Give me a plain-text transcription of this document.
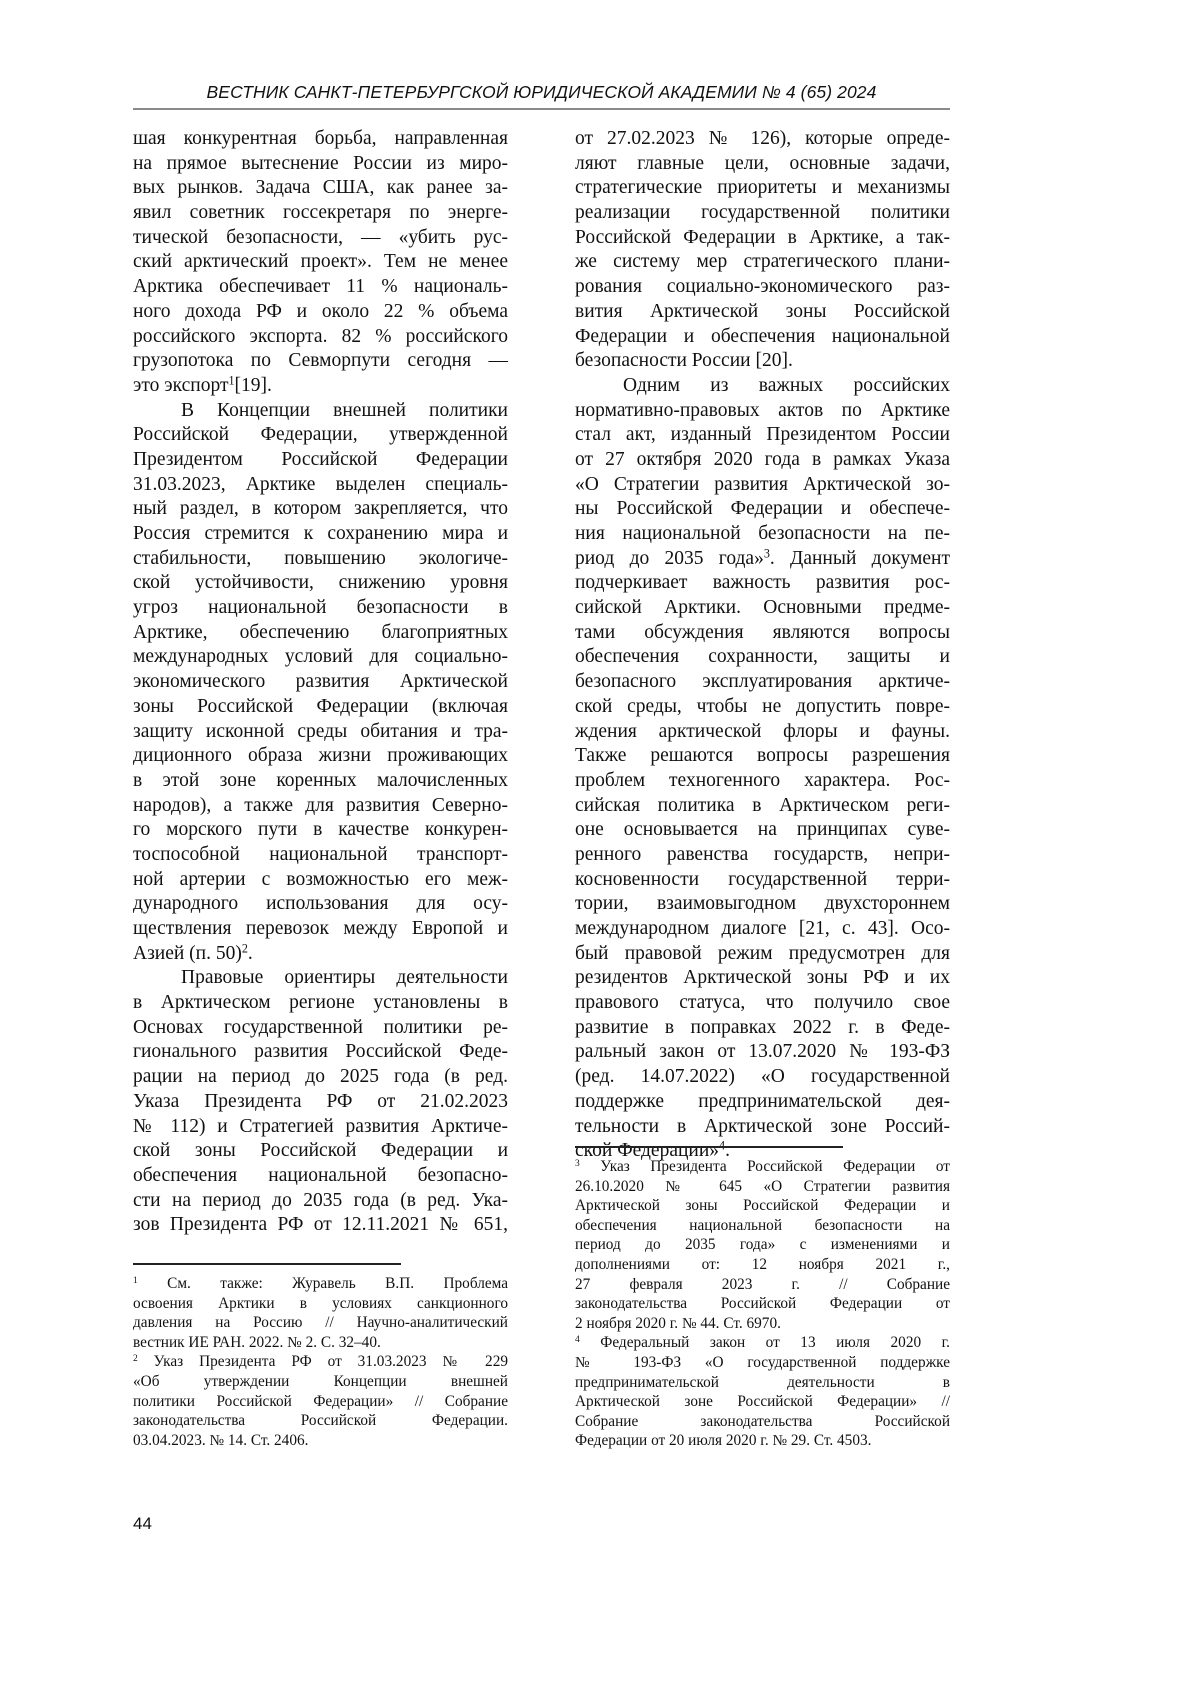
ВЕСТНИК САНКТ-ПЕТЕРБУРГСКОЙ ЮРИДИЧЕСКОЙ АКАДЕМИИ № 4 (65) 2024
шая конкурентная борьба, направленная
на прямое вытеснение России из миро-
вых рынков. Задача США, как ранее за-
явил советник госсекретаря по энерге-
тической безопасности, — «убить рус-
ский арктический проект». Тем не менее
Арктика обеспечивает 11 % националь-
ного дохода РФ и около 22 % объема
российского экспорта. 82 % российского
грузопотока по Севморпути сегодня —
это экспорт1[19].
В Концепции внешней политики
Российской Федерации, утвержденной
Президентом Российской Федерации
31.03.2023, Арктике выделен специаль-
ный раздел, в котором закрепляется, что
Россия стремится к сохранению мира и
стабильности, повышению экологиче-
ской устойчивости, снижению уровня
угроз национальной безопасности в
Арктике, обеспечению благоприятных
международных условий для социально-
экономического развития Арктической
зоны Российской Федерации (включая
защиту исконной среды обитания и тра-
диционного образа жизни проживающих
в этой зоне коренных малочисленных
народов), а также для развития Северно-
го морского пути в качестве конкурен-
тоспособной национальной транспорт-
ной артерии с возможностью его меж-
дународного использования для осу-
ществления перевозок между Европой и
Азией (п. 50)2.
Правовые ориентиры деятельности
в Арктическом регионе установлены в
Основах государственной политики ре-
гионального развития Российской Феде-
рации на период до 2025 года (в ред.
Указа Президента РФ от 21.02.2023
№ 112) и Стратегией развития Арктиче-
ской зоны Российской Федерации и
обеспечения национальной безопасно-
сти на период до 2035 года (в ред. Ука-
зов Президента РФ от 12.11.2021 № 651,
от 27.02.2023 № 126), которые опреде-
ляют главные цели, основные задачи,
стратегические приоритеты и механизмы
реализации государственной политики
Российской Федерации в Арктике, а так-
же систему мер стратегического плани-
рования социально-экономического раз-
вития Арктической зоны Российской
Федерации и обеспечения национальной
безопасности России [20].
Одним из важных российских
нормативно-правовых актов по Арктике
стал акт, изданный Президентом России
от 27 октября 2020 года в рамках Указа
«О Стратегии развития Арктической зо-
ны Российской Федерации и обеспече-
ния национальной безопасности на пе-
риод до 2035 года»3. Данный документ
подчеркивает важность развития рос-
сийской Арктики. Основными предме-
тами обсуждения являются вопросы
обеспечения сохранности, защиты и
безопасного эксплуатирования арктиче-
ской среды, чтобы не допустить повре-
ждения арктической флоры и фауны.
Также решаются вопросы разрешения
проблем техногенного характера. Рос-
сийская политика в Арктическом реги-
оне основывается на принципах суве-
ренного равенства государств, непри-
косновенности государственной терри-
тории, взаимовыгодном двухстороннем
международном диалоге [21, с. 43]. Осо-
бый правовой режим предусмотрен для
резидентов Арктической зоны РФ и их
правового статуса, что получило свое
развитие в поправках 2022 г. в Феде-
ральный закон от 13.07.2020 № 193-ФЗ
(ред. 14.07.2022) «О государственной
поддержке предпринимательской дея-
тельности в Арктической зоне Россий-
ской Федерации» .
1 См. также: Журавель В.П. Проблема
освоения Арктики в условиях санкционного
давления на Россию // Научно-аналитический
вестник ИЕ РАН. 2022. № 2. С. 32–40.
2 Указ Президента РФ от 31.03.2023 № 229
«Об утверждении Концепции внешней
политики Российской Федерации» // Собрание
законодательства Российской Федерации.
03.04.2023. № 14. Ст. 2406.
3 Указ Президента Российской Федерации от
26.10.2020 № 645 «О Стратегии развития
Арктической зоны Российской Федерации и
обеспечения национальной безопасности на
период до 2035 года» с изменениями и
дополнениями от: 12 ноября 2021 г.,
27 февраля 2023 г. // Собрание
законодательства Российской Федерации от
2 ноября 2020 г. № 44. Ст. 6970.
4 Федеральный закон от 13 июля 2020 г.
№ 193-ФЗ «О государственной поддержке
предпринимательской деятельности в
Арктической зоне Российской Федерации» //
Собрание законодательства Российской
Федерации от 20 июля 2020 г. № 29. Ст. 4503.
44
